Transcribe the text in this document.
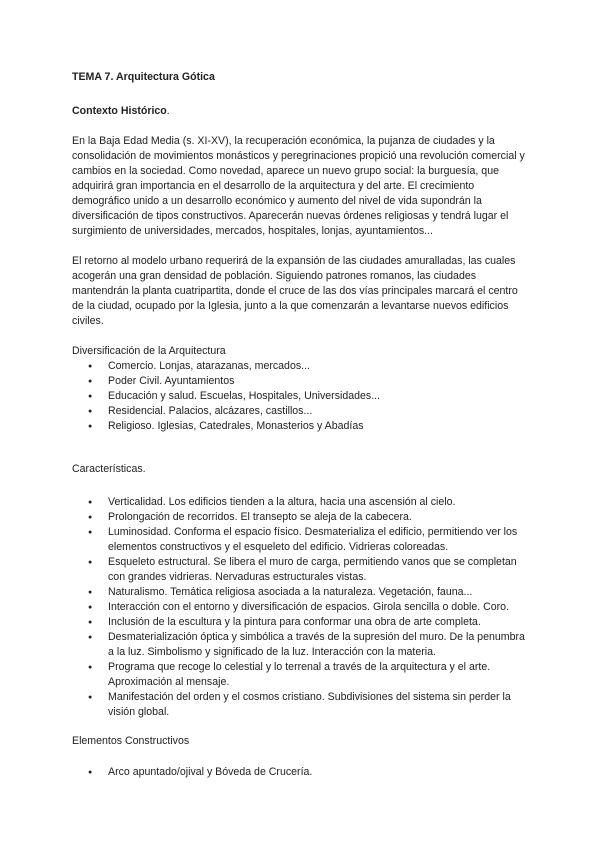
TEMA 7. Arquitectura Gótica
Contexto Histórico.

En la Baja Edad Media (s. XI-XV), la recuperación económica, la pujanza de ciudades y la consolidación de movimientos monásticos y peregrinaciones propició una revolución comercial y cambios en la sociedad. Como novedad, aparece un nuevo grupo social: la burguesía, que adquirirá gran importancia en el desarrollo de la arquitectura y del arte. El crecimiento demográfico unido a un desarrollo económico y aumento del nivel de vida supondrán la diversificación de tipos constructivos. Aparecerán nuevas órdenes religiosas y tendrá lugar el surgimiento de universidades, mercados, hospitales, lonjas, ayuntamientos...

El retorno al modelo urbano requerirá de la expansión de las ciudades amuralladas, las cuales acogerán una gran densidad de población. Siguiendo patrones romanos, las ciudades mantendrán la planta cuatripartita, donde el cruce de las dos vías principales marcará el centro de la ciudad, ocupado por la Iglesia, junto a la que comenzarán a levantarse nuevos edificios civiles.

Diversificación de la Arquitectura
● Comercio. Lonjas, atarazanas, mercados...
● Poder Civil. Ayuntamientos
● Educación y salud. Escuelas, Hospitales, Universidades...
● Residencial. Palacios, alcázares, castillos...
● Religioso. Iglesias, Catedrales, Monasterios y Abadías
Características.
● Verticalidad. Los edificios tienden a la altura, hacia una ascensión al cielo.
● Prolongación de recorridos. El transepto se aleja de la cabecera.
● Luminosidad. Conforma el espacio físico. Desmaterializa el edificio, permitiendo ver los elementos constructivos y el esqueleto del edificio. Vidrieras coloreadas.
● Esqueleto estructural. Se libera el muro de carga, permitiendo vanos que se completan con grandes vidrieras. Nervaduras estructurales vistas.
● Naturalismo. Temática religiosa asociada a la naturaleza. Vegetación, fauna...
● Interacción con el entorno y diversificación de espacios. Girola sencilla o doble. Coro.
● Inclusión de la escultura y la pintura para conformar una obra de arte completa.
● Desmaterialización óptica y simbólica a través de la supresión del muro. De la penumbra a la luz. Simbolismo y significado de la luz. Interacción con la materia.
● Programa que recoge lo celestial y lo terrenal a través de la arquitectura y el arte. Aproximación al mensaje.
● Manifestación del orden y el cosmos cristiano. Subdivisiones del sistema sin perder la visión global.
Elementos Constructivos
● Arco apuntado/ojival y Bóveda de Crucería.
